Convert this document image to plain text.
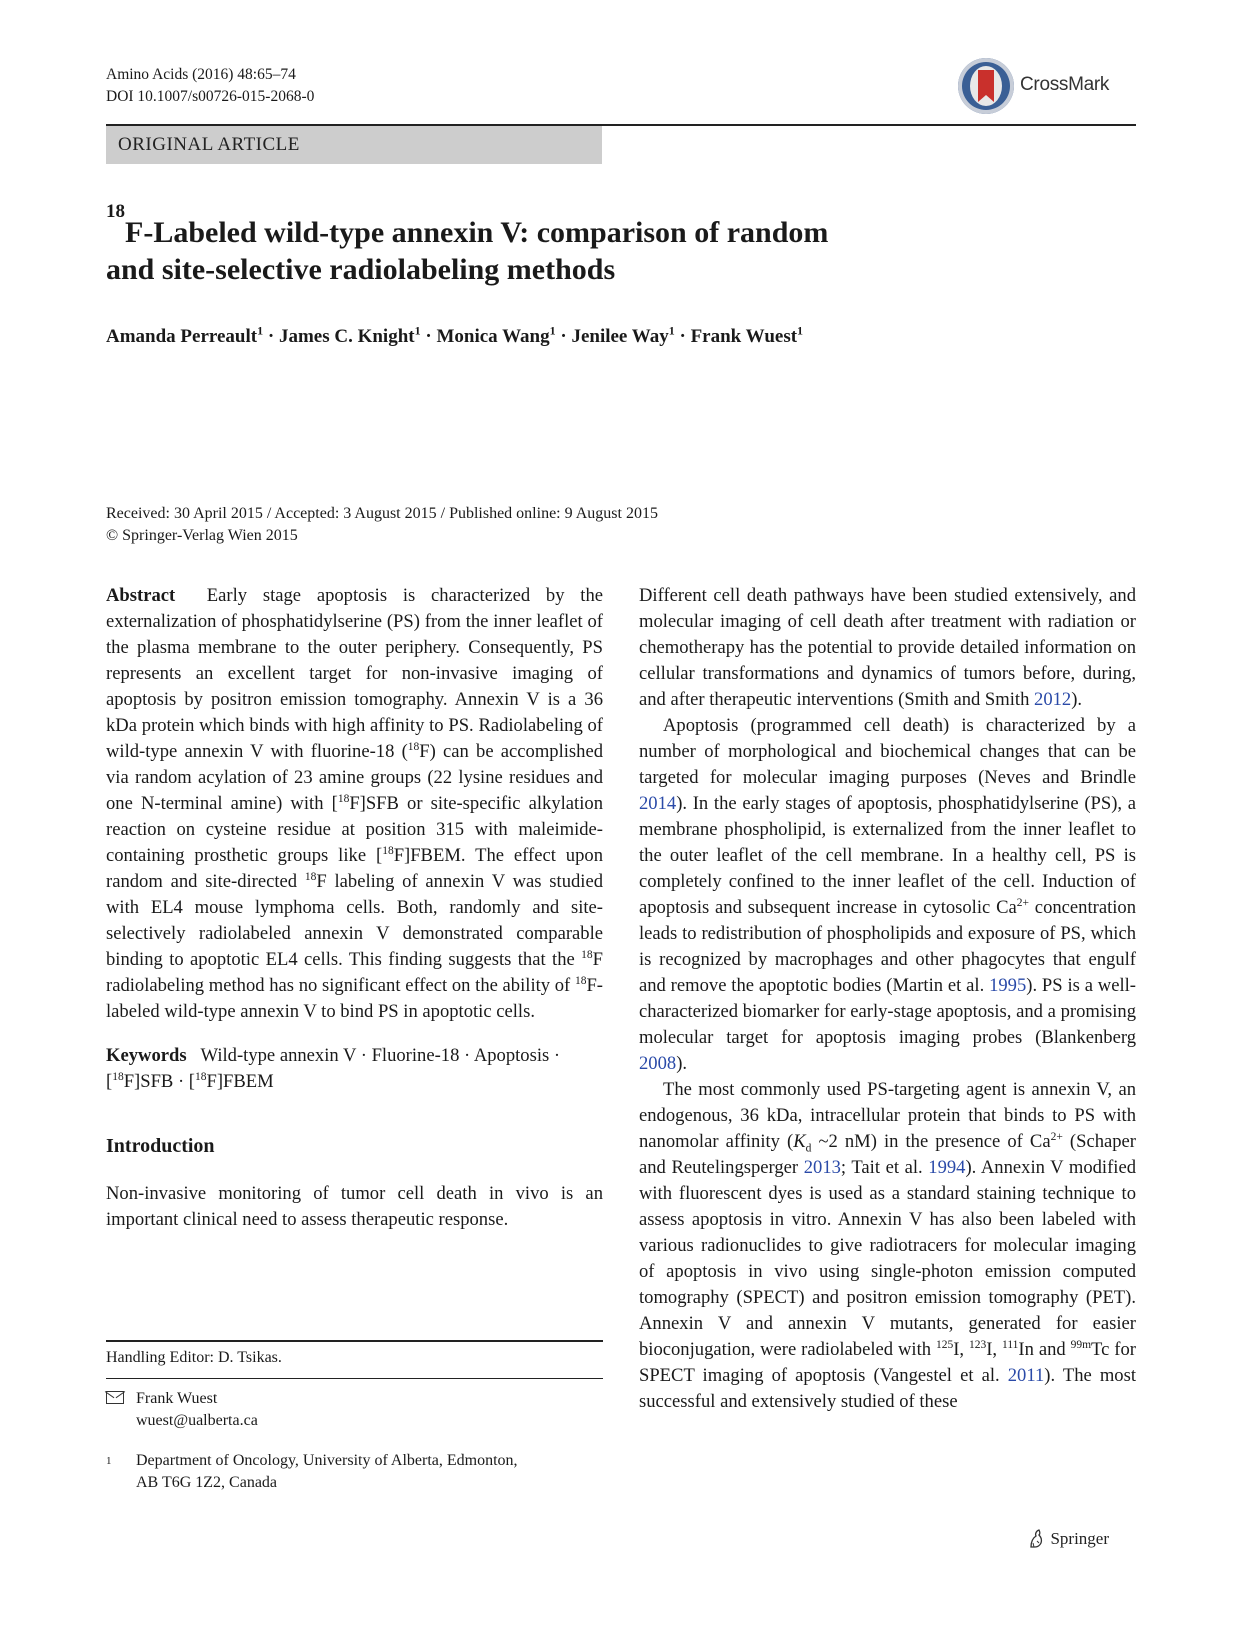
Amino Acids (2016) 48:65–74
DOI 10.1007/s00726-015-2068-0
CrossMark
ORIGINAL ARTICLE
$^{18}$F-Labeled wild-type annexin V: comparison of random
and site-selective radiolabeling methods
Amanda Perreault$^1$ · James C. Knight$^1$ · Monica Wang$^1$ · Jenilee Way$^1$ · Frank Wuest$^1$
Received: 30 April 2015 / Accepted: 3 August 2015 / Published online: 9 August 2015
© Springer-Verlag Wien 2015

Abstract Early stage apoptosis is characterized by the externalization of phosphatidylserine (PS) from the inner leaflet of the plasma membrane to the outer periphery. Consequently, PS represents an excellent target for non-invasive imaging of apoptosis by positron emission tomography. Annexin V is a 36 kDa protein which binds with high affinity to PS. Radiolabeling of wild-type annexin V with fluorine-18 ($^{18}$F) can be accomplished via random acylation of 23 amine groups (22 lysine residues and one N-terminal amine) with [$^{18}$F]SFB or site-specific alkylation reaction on cysteine residue at position 315 with maleimide-containing prosthetic groups like [$^{18}$F]FBEM. The effect upon random and site-directed $^{18}$F labeling of annexin V was studied with EL4 mouse lymphoma cells. Both, randomly and site-selectively radiolabeled annexin V demonstrated comparable binding to apoptotic EL4 cells. This finding suggests that the $^{18}$F radiolabeling method has no significant effect on the ability of $^{18}$F-labeled wild-type annexin V to bind PS in apoptotic cells.

Keywords Wild-type annexin V · Fluorine-18 · Apoptosis · [$^{18}$F]SFB · [$^{18}$F]FBEM

Introduction

Non-invasive monitoring of tumor cell death in vivo is an important clinical need to assess therapeutic response.

Different cell death pathways have been studied extensively, and molecular imaging of cell death after treatment with radiation or chemotherapy has the potential to provide detailed information on cellular transformations and dynamics of tumors before, during, and after therapeutic interventions (Smith and Smith 2012).

Apoptosis (programmed cell death) is characterized by a number of morphological and biochemical changes that can be targeted for molecular imaging purposes (Neves and Brindle 2014). In the early stages of apoptosis, phosphatidylserine (PS), a membrane phospholipid, is externalized from the inner leaflet to the outer leaflet of the cell membrane. In a healthy cell, PS is completely confined to the inner leaflet of the cell. Induction of apoptosis and subsequent increase in cytosolic $Ca^{2+}$ concentration leads to redistribution of phospholipids and exposure of PS, which is recognized by macrophages and other phagocytes that engulf and remove the apoptotic bodies (Martin et al. 1995). PS is a well-characterized biomarker for early-stage apoptosis, and a promising molecular target for apoptosis imaging probes (Blankenberg 2008).

The most commonly used PS-targeting agent is annexin V, an endogenous, 36 kDa, intracellular protein that binds to PS with nanomolar affinity ($K_d$ ~2 nM) in the presence of $Ca^{2+}$ (Schaper and Reutelingsperger 2013; Tait et al. 1994). Annexin V modified with fluorescent dyes is used as a standard staining technique to assess apoptosis in vitro. Annexin V has also been labeled with various radionuclides to give radiotracers for molecular imaging of apoptosis in vivo using single-photon emission computed tomography (SPECT) and positron emission tomography (PET). Annexin V and annexin V mutants, generated for easier bioconjugation, were radiolabeled with $^{125}$I, $^{123}$I, $^{111}$In and $^{99m}$Tc for SPECT imaging of apoptosis (Vangestel et al. 2011). The most successful and extensively studied of these

Handling Editor: D. Tsikas.
Frank Wuest
wuest@ualberta.ca
1 Department of Oncology, University of Alberta, Edmonton,
AB T6G 1Z2, Canada
Springer
